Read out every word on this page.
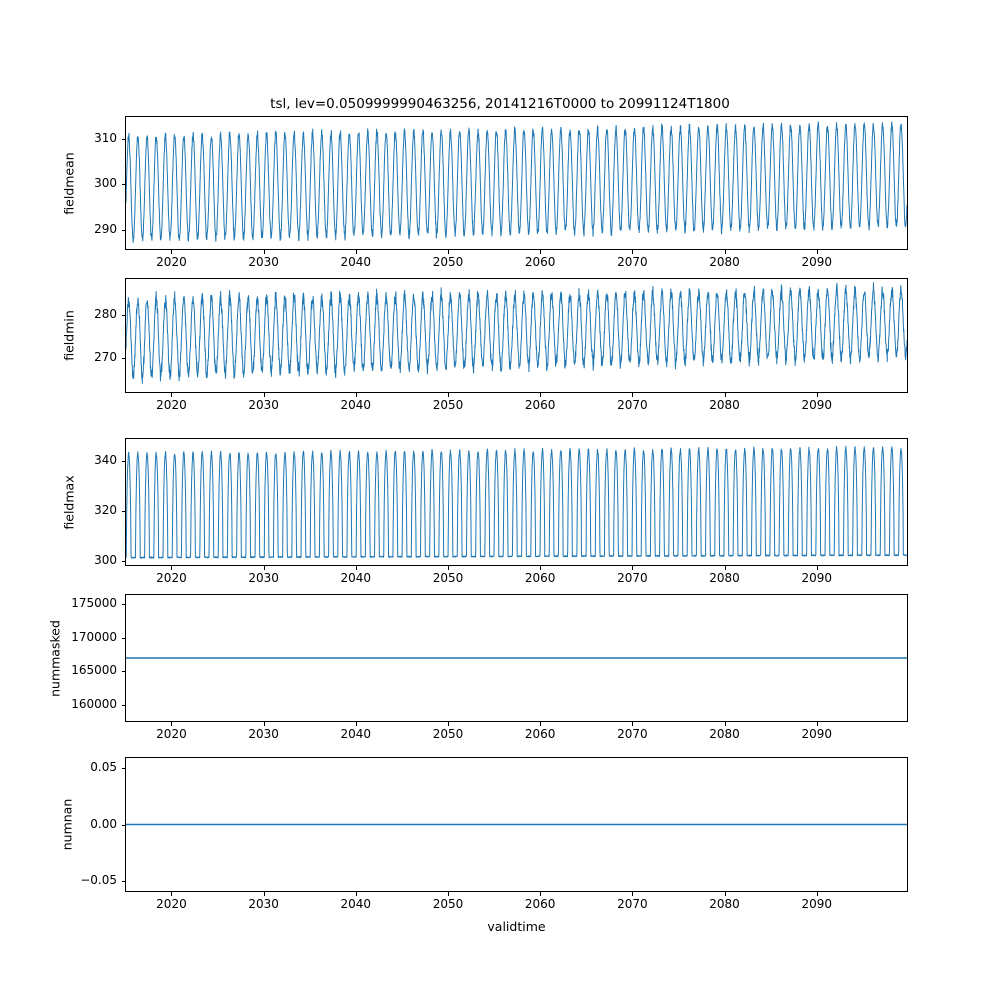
tsl, lev=0.0509999990463256, 20141216T0000 to 20991124T1800
fieldmean
fieldmin
fieldmax
nummasked
numnan
validtime
290
300
310
2020	2030	2040	2050	2060	2070	2080	2090
270
280
2020	2030	2040	2050	2060	2070	2080	2090
300
320
340
2020	2030	2040	2050	2060	2070	2080	2090
160000
165000
170000
175000
2020	2030	2040	2050	2060	2070	2080	2090
−0.05
0.00
0.05
2020	2030	2040	2050	2060	2070	2080	2090
